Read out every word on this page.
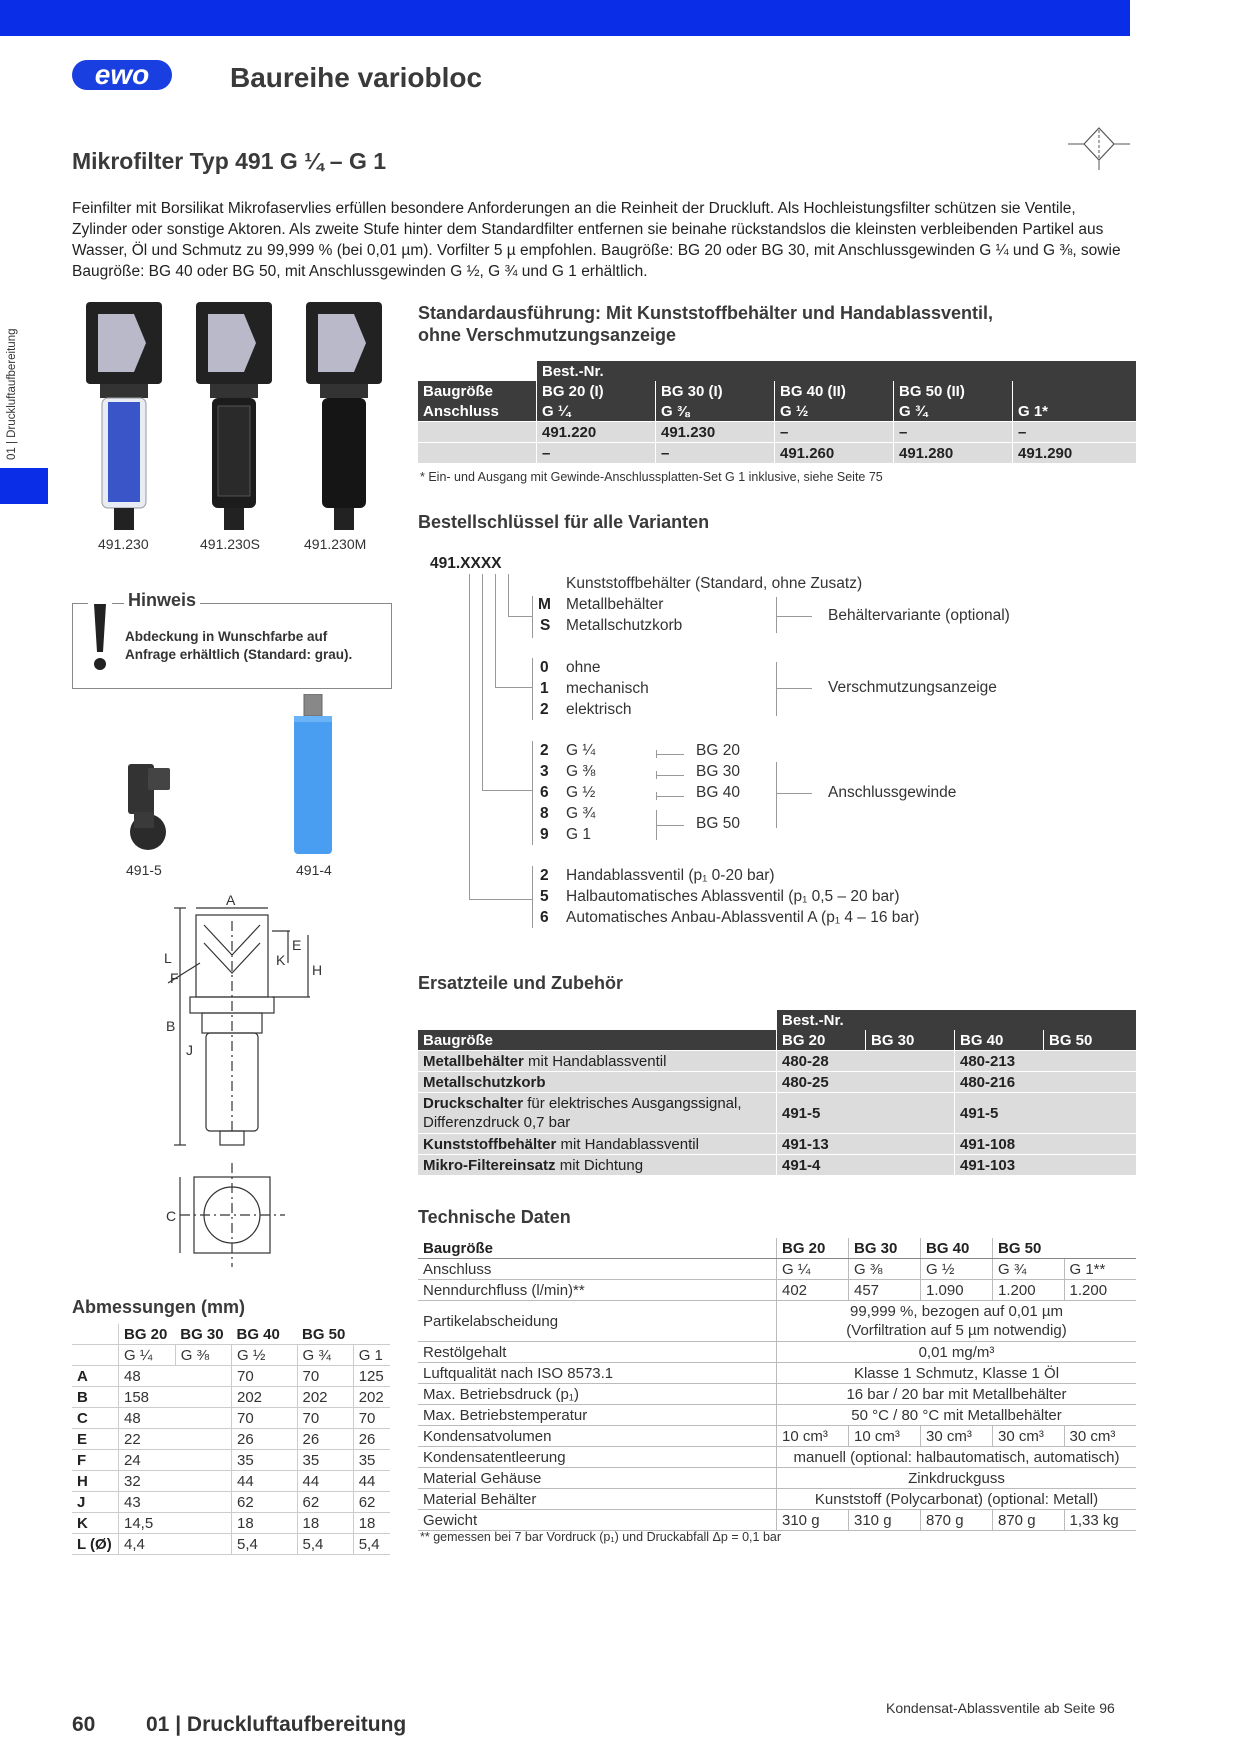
ewo	Baureihe variobloc
Mikrofilter Typ 491 G ¼ – G 1
Feinfilter mit Borsilikat Mikrofaservlies erfüllen besondere Anforderungen an die Reinheit der Druckluft. Als Hochleistungsfilter schützen sie Ventile, Zylinder oder sonstige Aktoren. Als zweite Stufe hinter dem Standardfilter entfernen sie beinahe rückstandslos die kleinsten verbleibenden Partikel aus Wasser, Öl und Schmutz zu 99,999 % (bei 0,01 µm). Vorfilter 5 µ empfohlen. Baugröße: BG 20 oder BG 30, mit Anschlussgewinden G ¼ und G ⅜, sowie Baugröße: BG 40 oder BG 50, mit Anschlussgewinden G ½, G ¾ und G 1 erhältlich.
01 | Druckluftaufbereitung
491.230	491.230S	491.230M
Hinweis
Abdeckung in Wunschfarbe auf
Anfrage erhältlich (Standard: grau).
491-5	491-4
A
B
C
E
F	H
J
K
L
Abmessungen (mm)
	BG 20	BG 30	BG 40		BG 50	
	G ¼	G ⅜	G ½		G ¾	G 1
A	48		70		70	125
B	158		202		202	202
C	48		70		70	70
E	22		26		26	26
F	24		35		35	35
H	32		44		44	44
J	43		62		62	62
K	14,5		18		18	18
L (Ø)	4,4		5,4		5,4	5,4
Standardausführung: Mit Kunststoffbehälter und Handablassventil,
ohne Verschmutzungsanzeige
	Best.-Nr.				
Baugröße	BG 20 (I)	BG 30 (I)	BG 40 (II)	BG 50 (II)	
Anschluss	G ¼	G ⅜	G ½	G ¾	G 1*
	491.220	491.230	–	–	–
	–	–	491.260	491.280	491.290
* Ein- und Ausgang mit Gewinde-Anschlussplatten-Set G 1 inklusive, siehe Seite 75
Bestellschlüssel für alle Varianten
491.XXXX
Kunststoffbehälter (Standard, ohne Zusatz)
M Metallbehälter
S Metallschutzkorb
Behältervariante (optional)
0 ohne
1 mechanisch
2 elektrisch
Verschmutzungsanzeige
2 G ¼
3 G ⅜
6 G ½
8 G ¾
9 G 1
BG 20
BG 30
BG 40
BG 50
Anschlussgewinde
2 Handablassventil (p₁ 0-20 bar)
5 Halbautomatisches Ablassventil (p₁ 0,5 – 20 bar)
6 Automatisches Anbau-Ablassventil A (p₁ 4 – 16 bar)
Ersatzteile und Zubehör
	Best.-Nr.			
Baugröße	BG 20	BG 30	BG 40	BG 50
Metallbehälter mit Handablassventil	480-28		480-213	
Metallschutzkorb	480-25		480-216	
Druckschalter für elektrisches Ausgangssignal,
Differenzdruck 0,7 bar	491-5		491-5	
Kunststoffbehälter mit Handablassventil	491-13		491-108	
Mikro-Filtereinsatz mit Dichtung	491-4		491-103	
Technische Daten
Baugröße	BG 20	BG 30	BG 40	BG 50	
Anschluss	G ¼	G ⅜	G ½	G ¾	G 1**
Nenndurchfluss (l/min)**	402	457	1.090	1.200	1.200
Partikelabscheidung	99,999 %, bezogen auf 0,01 µm
(Vorfiltration auf 5 µm notwendig)				
Restölgehalt	0,01 mg/m³				
Luftqualität nach ISO 8573.1	Klasse 1 Schmutz, Klasse 1 Öl				
Max. Betriebsdruck (p₁)	16 bar / 20 bar mit Metallbehälter				
Max. Betriebstemperatur	50 °C / 80 °C mit Metallbehälter				
Kondensatvolumen	10 cm³	10 cm³	30 cm³	30 cm³	30 cm³
Kondensatentleerung	manuell (optional: halbautomatisch, automatisch)				
Material Gehäuse	Zinkdruckguss				
Material Behälter	Kunststoff (Polycarbonat) (optional: Metall)				
Gewicht	310 g	310 g	870 g	870 g	1,33 kg
** gemessen bei 7 bar Vordruck (p₁) und Druckabfall Δp = 0,1 bar
60 01 | Druckluftaufbereitung
Kondensat-Ablassventile ab Seite 96
